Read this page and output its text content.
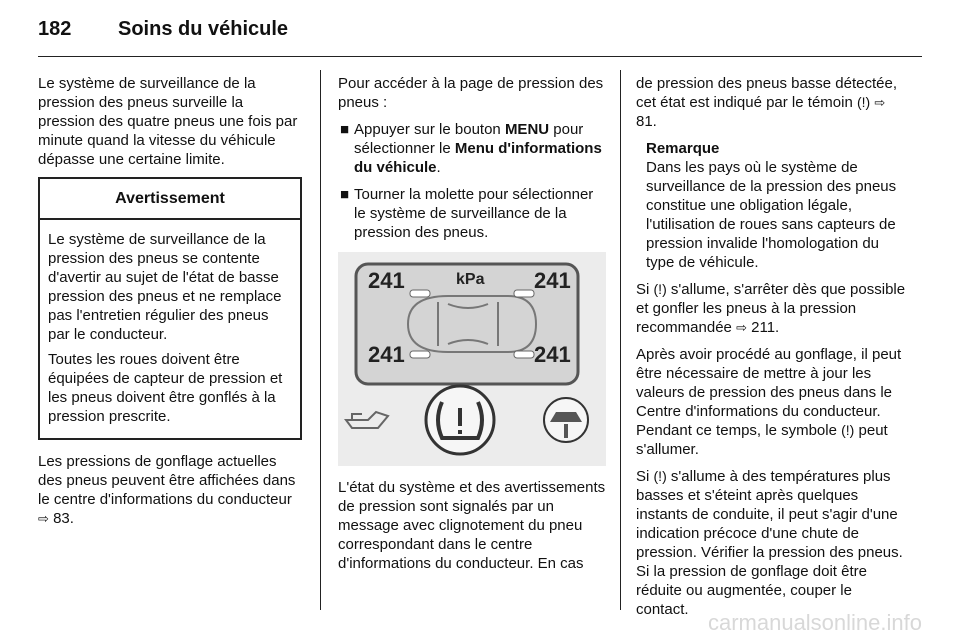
182 Soins du véhicule

Le système de surveillance de la pression des pneus surveille la pression des quatre pneus une fois par minute quand la vitesse du véhicule dépasse une certaine limite.

Avertissement

Le système de surveillance de la pression des pneus se contente d'avertir au sujet de l'état de basse pression des pneus et ne remplace pas l'entretien régulier des pneus par le conducteur.

Toutes les roues doivent être équipées de capteur de pression et les pneus doivent être gonflés à la pression prescrite.

Les pressions de gonflage actuelles des pneus peuvent être affichées dans le centre d'informations du conducteur ⇨ 83.

Pour accéder à la page de pression des pneus :

■ Appuyer sur le bouton MENU pour sélectionner le Menu d'informations du véhicule.
■ Tourner la molette pour sélectionner le système de surveillance de la pression des pneus.
241	241
241	241
kPa

L'état du système et des avertissements de pression sont signalés par un message avec clignotement du pneu correspondant dans le centre d'informations du conducteur. En cas

de pression des pneus basse détectée, cet état est indiqué par le témoin (!) ⇨ 81.

Remarque
Dans les pays où le système de surveillance de la pression des pneus constitue une obligation légale, l'utilisation de roues sans capteurs de pression invalide l'homologation du type de véhicule.

Si (!) s'allume, s'arrêter dès que possible et gonfler les pneus à la pression recommandée ⇨ 211.

Après avoir procédé au gonflage, il peut être nécessaire de mettre à jour les valeurs de pression des pneus dans le Centre d'informations du conducteur. Pendant ce temps, le symbole (!) peut s'allumer.

Si (!) s'allume à des températures plus basses et s'éteint après quelques instants de conduite, il peut s'agir d'une indication précoce d'une chute de pression. Vérifier la pression des pneus. Si la pression de gonflage doit être réduite ou augmentée, couper le contact.

carmanualsonline.info
